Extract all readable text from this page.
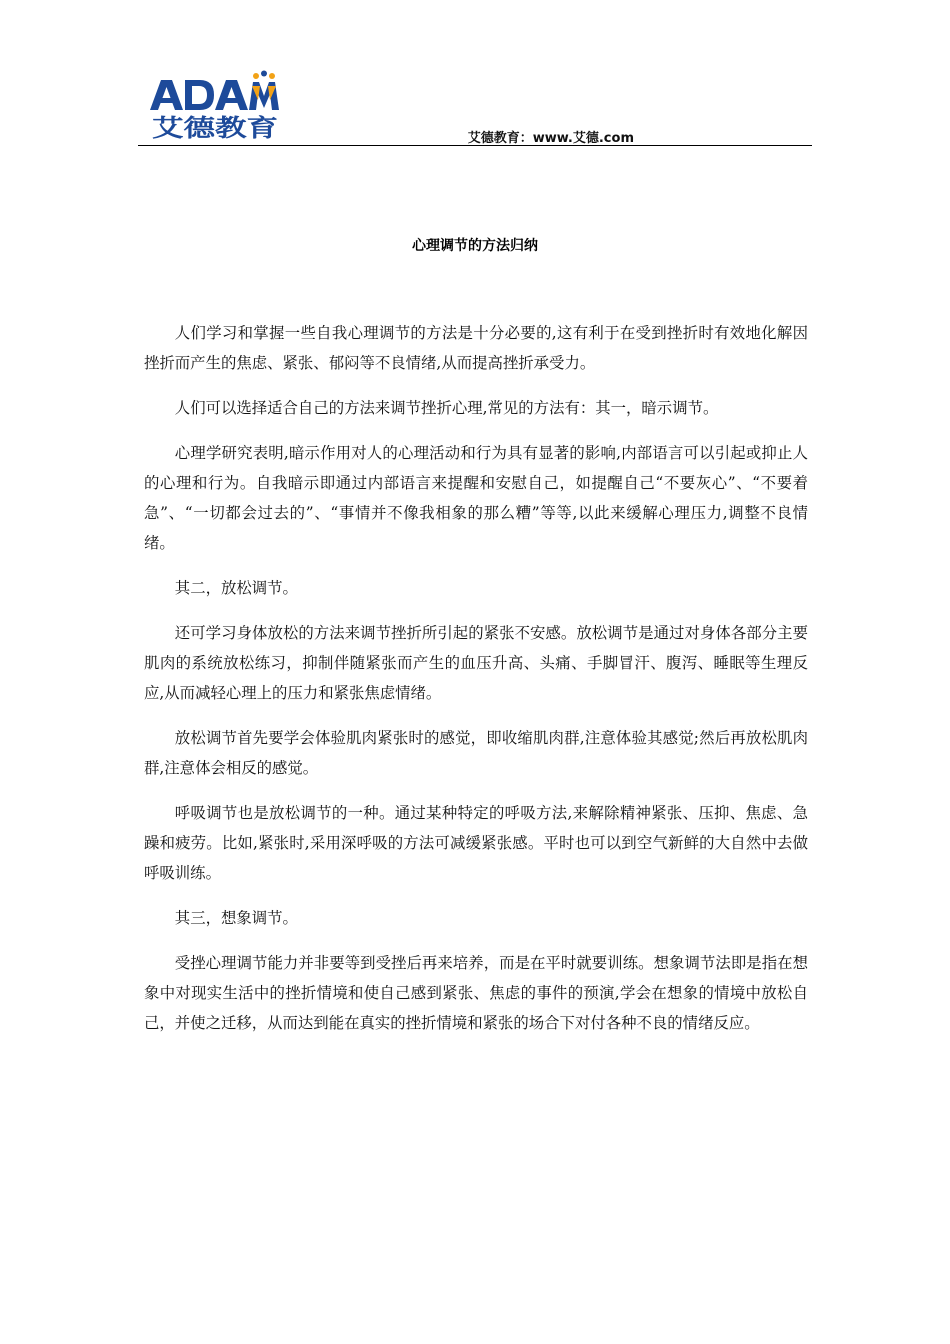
艾德教育	艾德教育：www.艾德.com
心理调节的方法归纳

人们学习和掌握一些自我心理调节的方法是十分必要的,这有利于在受到挫折时有效地化解因挫折而产生的焦虑、紧张、郁闷等不良情绪,从而提高挫折承受力。

人们可以选择适合自己的方法来调节挫折心理,常见的方法有：其一，暗示调节。

心理学研究表明,暗示作用对人的心理活动和行为具有显著的影响,内部语言可以引起或抑止人的心理和行为。自我暗示即通过内部语言来提醒和安慰自己，如提醒自己“不要灰心”、“不要着急”、“一切都会过去的”、“事情并不像我相象的那么糟”等等,以此来缓解心理压力,调整不良情绪。

其二，放松调节。

还可学习身体放松的方法来调节挫折所引起的紧张不安感。放松调节是通过对身体各部分主要肌肉的系统放松练习，抑制伴随紧张而产生的血压升高、头痛、手脚冒汗、腹泻、睡眠等生理反应,从而减轻心理上的压力和紧张焦虑情绪。

放松调节首先要学会体验肌肉紧张时的感觉，即收缩肌肉群,注意体验其感觉;然后再放松肌肉群,注意体会相反的感觉。

呼吸调节也是放松调节的一种。通过某种特定的呼吸方法,来解除精神紧张、压抑、焦虑、急躁和疲劳。比如,紧张时,采用深呼吸的方法可减缓紧张感。平时也可以到空气新鲜的大自然中去做呼吸训练。

其三，想象调节。

受挫心理调节能力并非要等到受挫后再来培养，而是在平时就要训练。想象调节法即是指在想象中对现实生活中的挫折情境和使自己感到紧张、焦虑的事件的预演,学会在想象的情境中放松自己，并使之迁移，从而达到能在真实的挫折情境和紧张的场合下对付各种不良的情绪反应。
